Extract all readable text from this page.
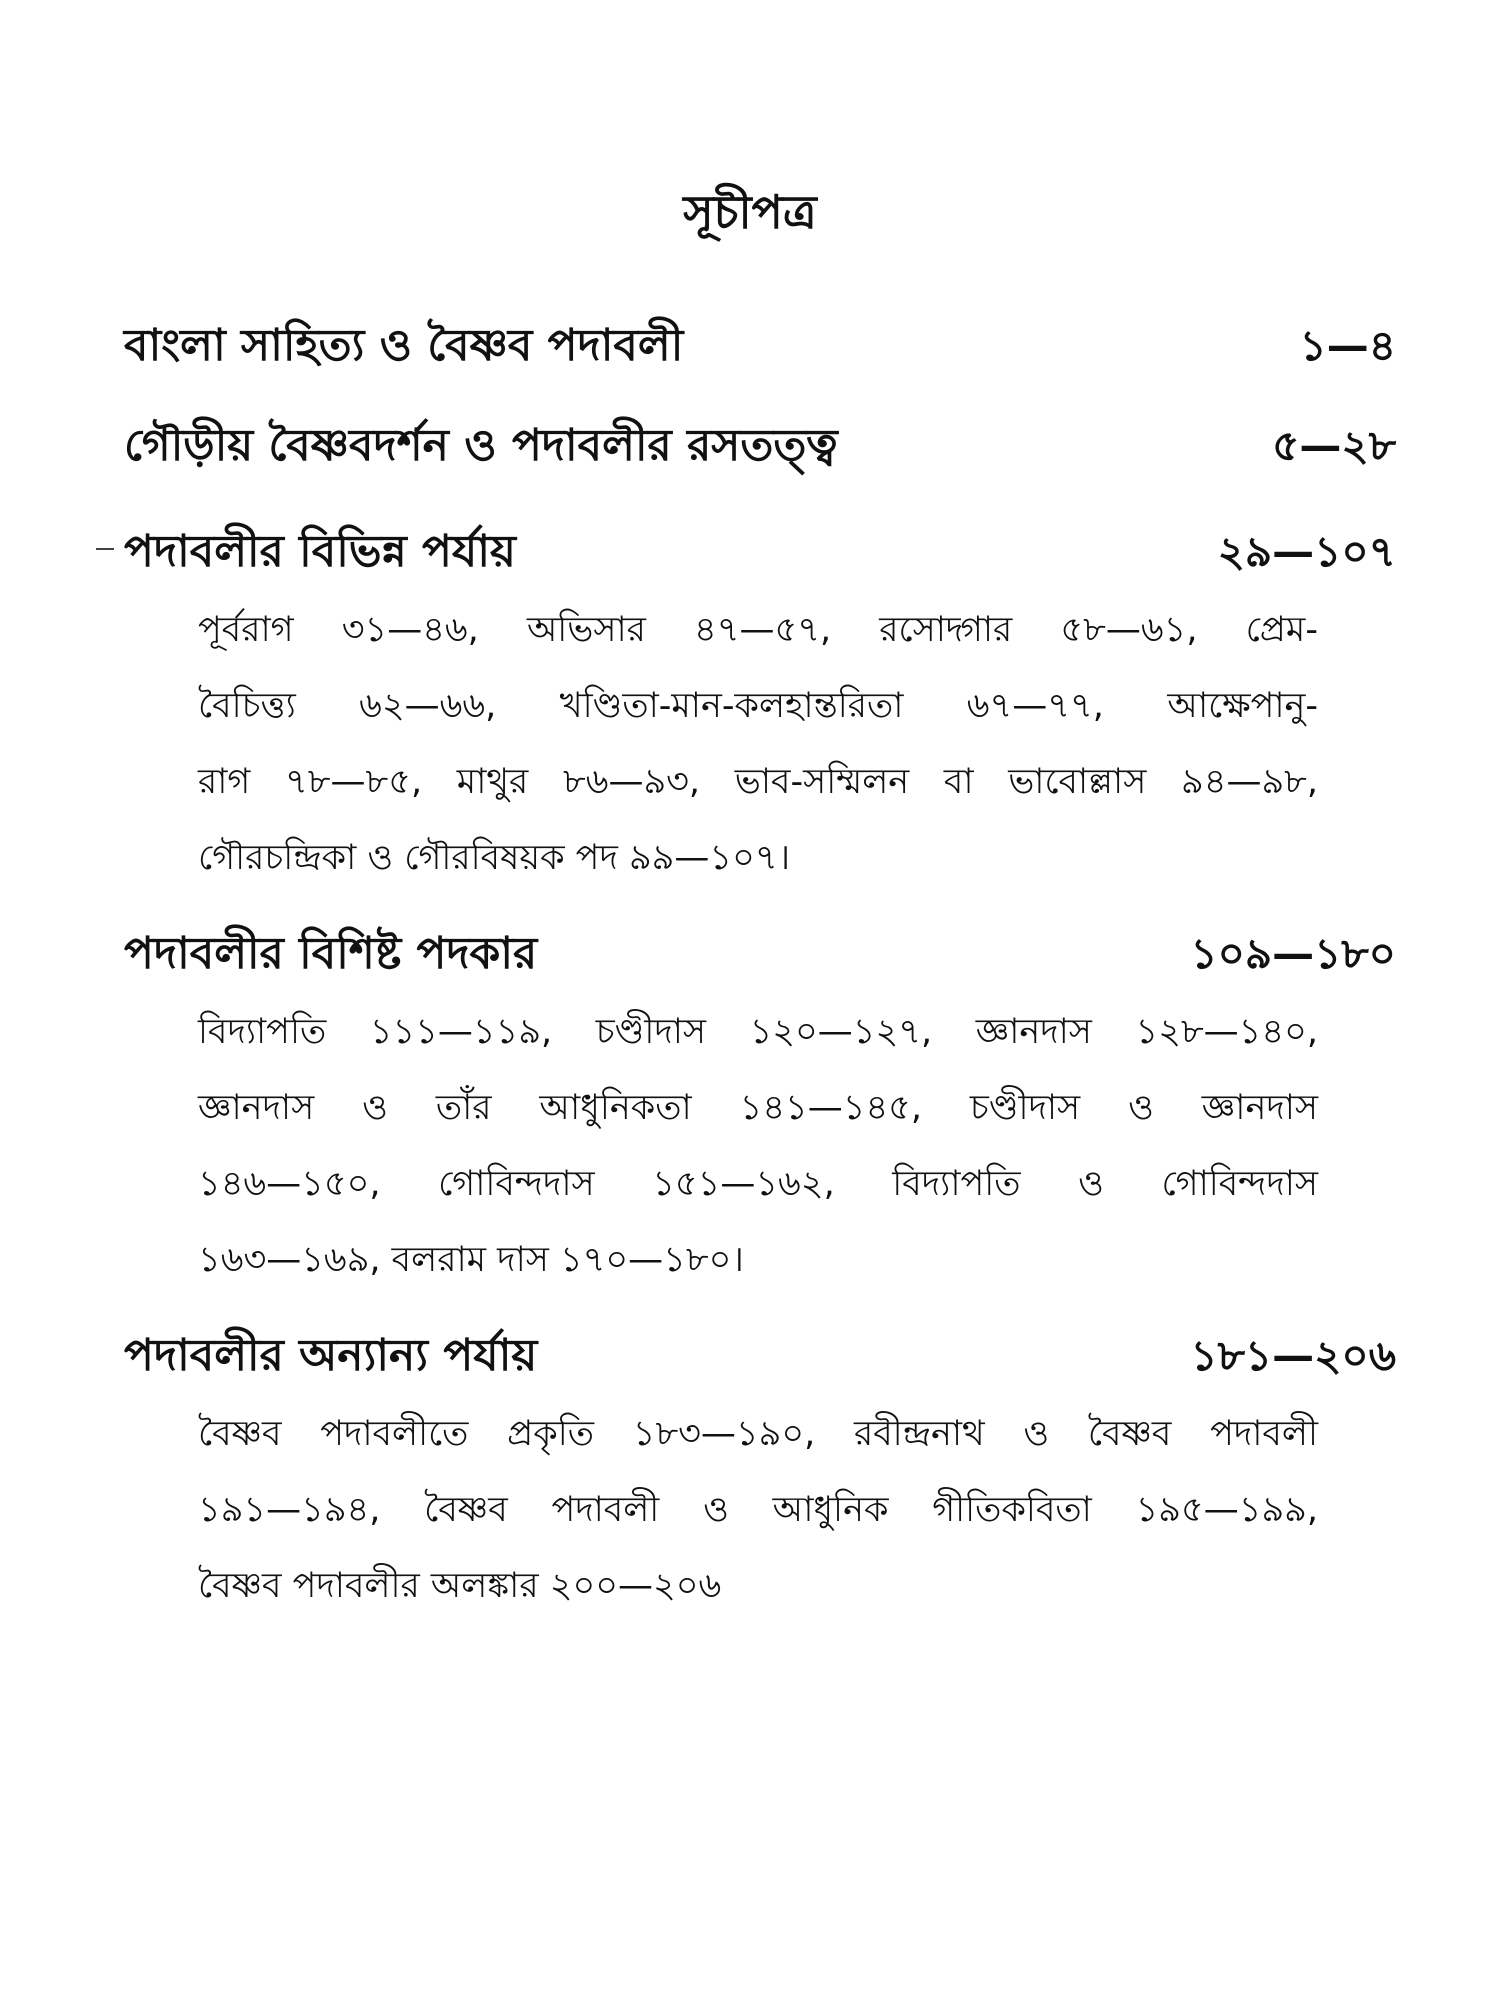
সূচীপত্র
বাংলা সাহিত্য ও বৈষ্ণব পদাবলী	১—৪
গৌড়ীয় বৈষ্ণবদর্শন ও পদাবলীর রসতত্ত্ব	৫—২৮
পদাবলীর বিভিন্ন পর্যায়	২৯—১০৭
পূর্বরাগ ৩১—৪৬, অভিসার ৪৭—৫৭, রসোদ্গার ৫৮—৬১, প্রেম-
বৈচিত্ত্য ৬২—৬৬, খণ্ডিতা-মান-কলহান্তরিতা ৬৭—৭৭, আক্ষেপানু-
রাগ ৭৮—৮৫, মাথুর ৮৬—৯৩, ভাব-সম্মিলন বা ভাবোল্লাস ৯৪—৯৮,
গৌরচন্দ্রিকা ও গৌরবিষয়ক পদ ৯৯—১০৭।
পদাবলীর বিশিষ্ট পদকার	১০৯—১৮০
বিদ্যাপতি ১১১—১১৯, চণ্ডীদাস ১২০—১২৭, জ্ঞানদাস ১২৮—১৪০,
জ্ঞানদাস ও তাঁর আধুনিকতা ১৪১—১৪৫, চণ্ডীদাস ও জ্ঞানদাস
১৪৬—১৫০, গোবিন্দদাস ১৫১—১৬২, বিদ্যাপতি ও গোবিন্দদাস
১৬৩—১৬৯, বলরাম দাস ১৭০—১৮০।
পদাবলীর অন্যান্য পর্যায়	১৮১—২০৬
বৈষ্ণব পদাবলীতে প্রকৃতি ১৮৩—১৯০, রবীন্দ্রনাথ ও বৈষ্ণব পদাবলী
১৯১—১৯৪, বৈষ্ণব পদাবলী ও আধুনিক গীতিকবিতা ১৯৫—১৯৯,
বৈষ্ণব পদাবলীর অলঙ্কার ২০০—২০৬
